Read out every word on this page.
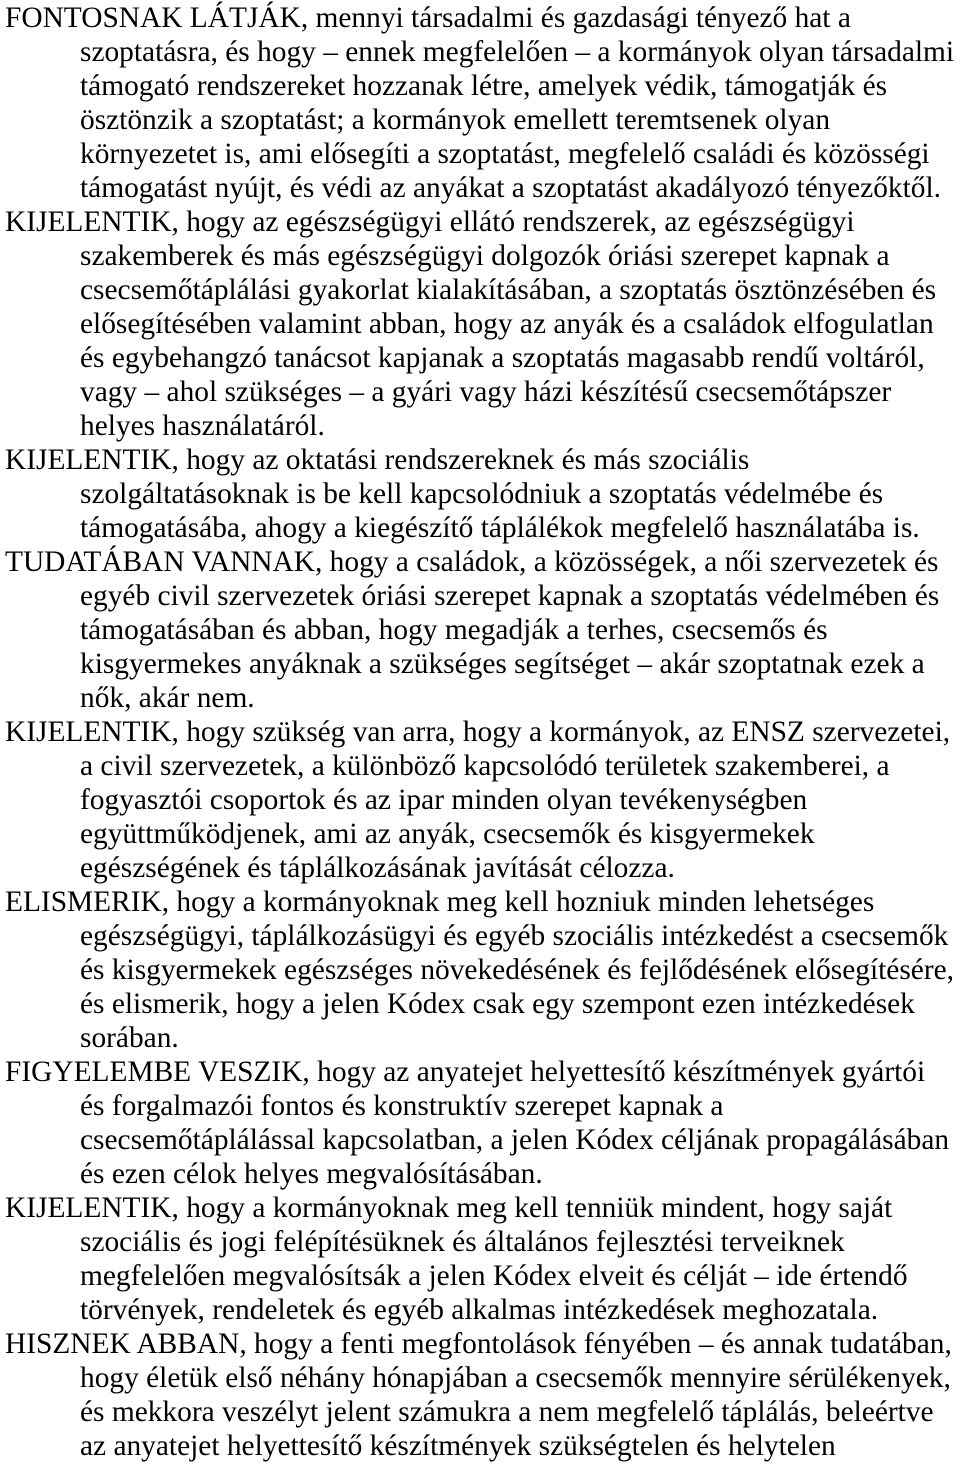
FONTOSNAK LÁTJÁK, mennyi társadalmi és gazdasági tényező hat a
szoptatásra, és hogy – ennek megfelelően – a kormányok olyan társadalmi
támogató rendszereket hozzanak létre, amelyek védik, támogatják és
ösztönzik a szoptatást; a kormányok emellett teremtsenek olyan
környezetet is, ami elősegíti a szoptatást, megfelelő családi és közösségi
támogatást nyújt, és védi az anyákat a szoptatást akadályozó tényezőktől.
KIJELENTIK, hogy az egészségügyi ellátó rendszerek, az egészségügyi
szakemberek és más egészségügyi dolgozók óriási szerepet kapnak a
csecsemőtáplálási gyakorlat kialakításában, a szoptatás ösztönzésében és
elősegítésében valamint abban, hogy az anyák és a családok elfogulatlan
és egybehangzó tanácsot kapjanak a szoptatás magasabb rendű voltáról,
vagy – ahol szükséges – a gyári vagy házi készítésű csecsemőtápszer
helyes használatáról.
KIJELENTIK, hogy az oktatási rendszereknek és más szociális
szolgáltatásoknak is be kell kapcsolódniuk a szoptatás védelmébe és
támogatásába, ahogy a kiegészítő táplálékok megfelelő használatába is.
TUDATÁBAN VANNAK, hogy a családok, a közösségek, a női szervezetek és
egyéb civil szervezetek óriási szerepet kapnak a szoptatás védelmében és
támogatásában és abban, hogy megadják a terhes, csecsemős és
kisgyermekes anyáknak a szükséges segítséget – akár szoptatnak ezek a
nők, akár nem.
KIJELENTIK, hogy szükség van arra, hogy a kormányok, az ENSZ szervezetei,
a civil szervezetek, a különböző kapcsolódó területek szakemberei, a
fogyasztói csoportok és az ipar minden olyan tevékenységben
együttműködjenek, ami az anyák, csecsemők és kisgyermekek
egészségének és táplálkozásának javítását célozza.
ELISMERIK, hogy a kormányoknak meg kell hozniuk minden lehetséges
egészségügyi, táplálkozásügyi és egyéb szociális intézkedést a csecsemők
és kisgyermekek egészséges növekedésének és fejlődésének elősegítésére,
és elismerik, hogy a jelen Kódex csak egy szempont ezen intézkedések
sorában.
FIGYELEMBE VESZIK, hogy az anyatejet helyettesítő készítmények gyártói
és forgalmazói fontos és konstruktív szerepet kapnak a
csecsemőtáplálással kapcsolatban, a jelen Kódex céljának propagálásában
és ezen célok helyes megvalósításában.
KIJELENTIK, hogy a kormányoknak meg kell tenniük mindent, hogy saját
szociális és jogi felépítésüknek és általános fejlesztési terveiknek
megfelelően megvalósítsák a jelen Kódex elveit és célját – ide értendő
törvények, rendeletek és egyéb alkalmas intézkedések meghozatala.
HISZNEK ABBAN, hogy a fenti megfontolások fényében – és annak tudatában,
hogy életük első néhány hónapjában a csecsemők mennyire sérülékenyek,
és mekkora veszélyt jelent számukra a nem megfelelő táplálás, beleértve
az anyatejet helyettesítő készítmények szükségtelen és helytelen
